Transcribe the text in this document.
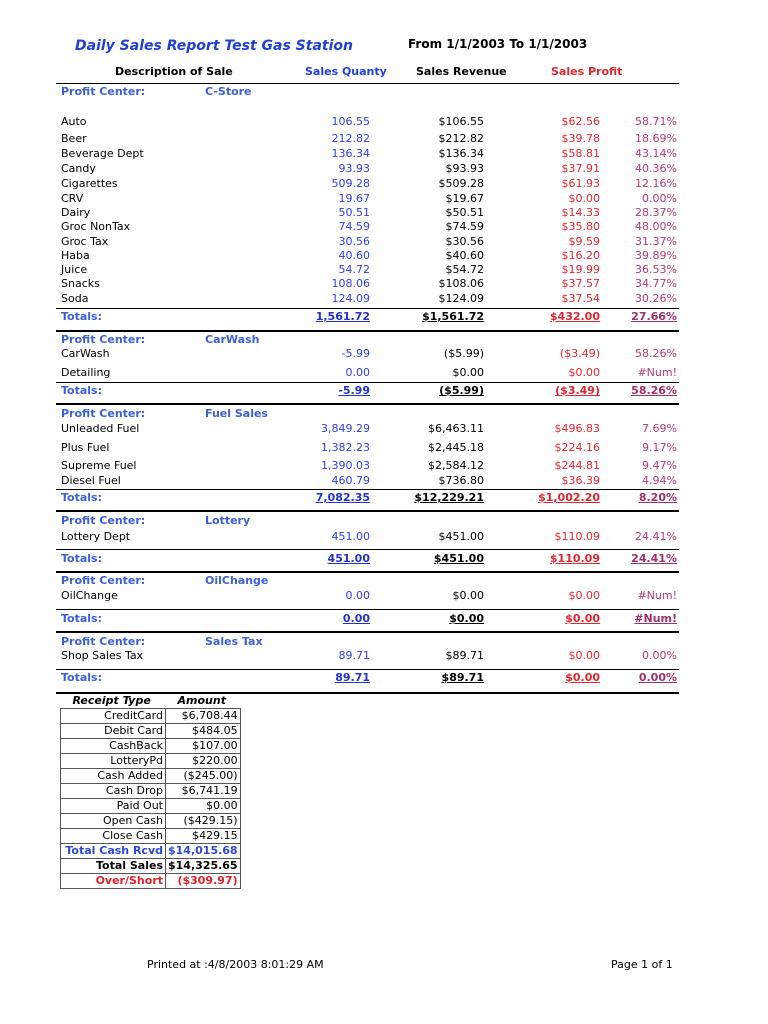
Daily Sales Report Test Gas Station	From 1/1/2003 To 1/1/2003
Description of Sale	Sales Quanty	Sales Revenue	Sales Profit
Profit Center:	C-Store
Auto	106.55	$106.55	$62.56	58.71%
Beer	212.82	$212.82	$39.78	18.69%
Beverage Dept	136.34	$136.34	$58.81	43.14%
Candy	93.93	$93.93	$37.91	40.36%
Cigarettes	509.28	$509.28	$61.93	12.16%
CRV	19.67	$19.67	$0.00	0.00%
Dairy	50.51	$50.51	$14.33	28.37%
Groc NonTax	74.59	$74.59	$35.80	48.00%
Groc Tax	30.56	$30.56	$9.59	31.37%
Haba	40.60	$40.60	$16.20	39.89%
Juice	54.72	$54.72	$19.99	36.53%
Snacks	108.06	$108.06	$37.57	34.77%
Soda	124.09	$124.09	$37.54	30.26%
Totals:	1,561.72	$1,561.72	$432.00	27.66%
Profit Center:	CarWash
CarWash	-5.99	($5.99)	($3.49)	58.26%
Detailing	0.00	$0.00	$0.00	#Num!
Totals:	-5.99	($5.99)	($3.49)	58.26%
Profit Center:	Fuel Sales
Unleaded Fuel	3,849.29	$6,463.11	$496.83	7.69%
Plus Fuel	1,382.23	$2,445.18	$224.16	9.17%
Supreme Fuel	1,390.03	$2,584.12	$244.81	9.47%
Diesel Fuel	460.79	$736.80	$36.39	4.94%
Totals:	7,082.35	$12,229.21	$1,002.20	8.20%
Profit Center:	Lottery
Lottery Dept	451.00	$451.00	$110.09	24.41%
Totals:	451.00	$451.00	$110.09	24.41%
Profit Center:	OilChange
OilChange	0.00	$0.00	$0.00	#Num!
Totals:	0.00	$0.00	$0.00	#Num!
Profit Center:	Sales Tax
Shop Sales Tax	89.71	$89.71	$0.00	0.00%
Totals:	89.71	$89.71	$0.00	0.00%
Receipt Type	Amount
CreditCard	$6,708.44
Debit Card	$484.05
CashBack	$107.00
LotteryPd	$220.00
Cash Added	($245.00)
Cash Drop	$6,741.19
Paid Out	$0.00
Open Cash	($429.15)
Close Cash	$429.15
Total Cash Rcvd	$14,015.68
Total Sales	$14,325.65
Over/Short	($309.97)
Printed at :4/8/2003 8:01:29 AM	Page 1 of 1
